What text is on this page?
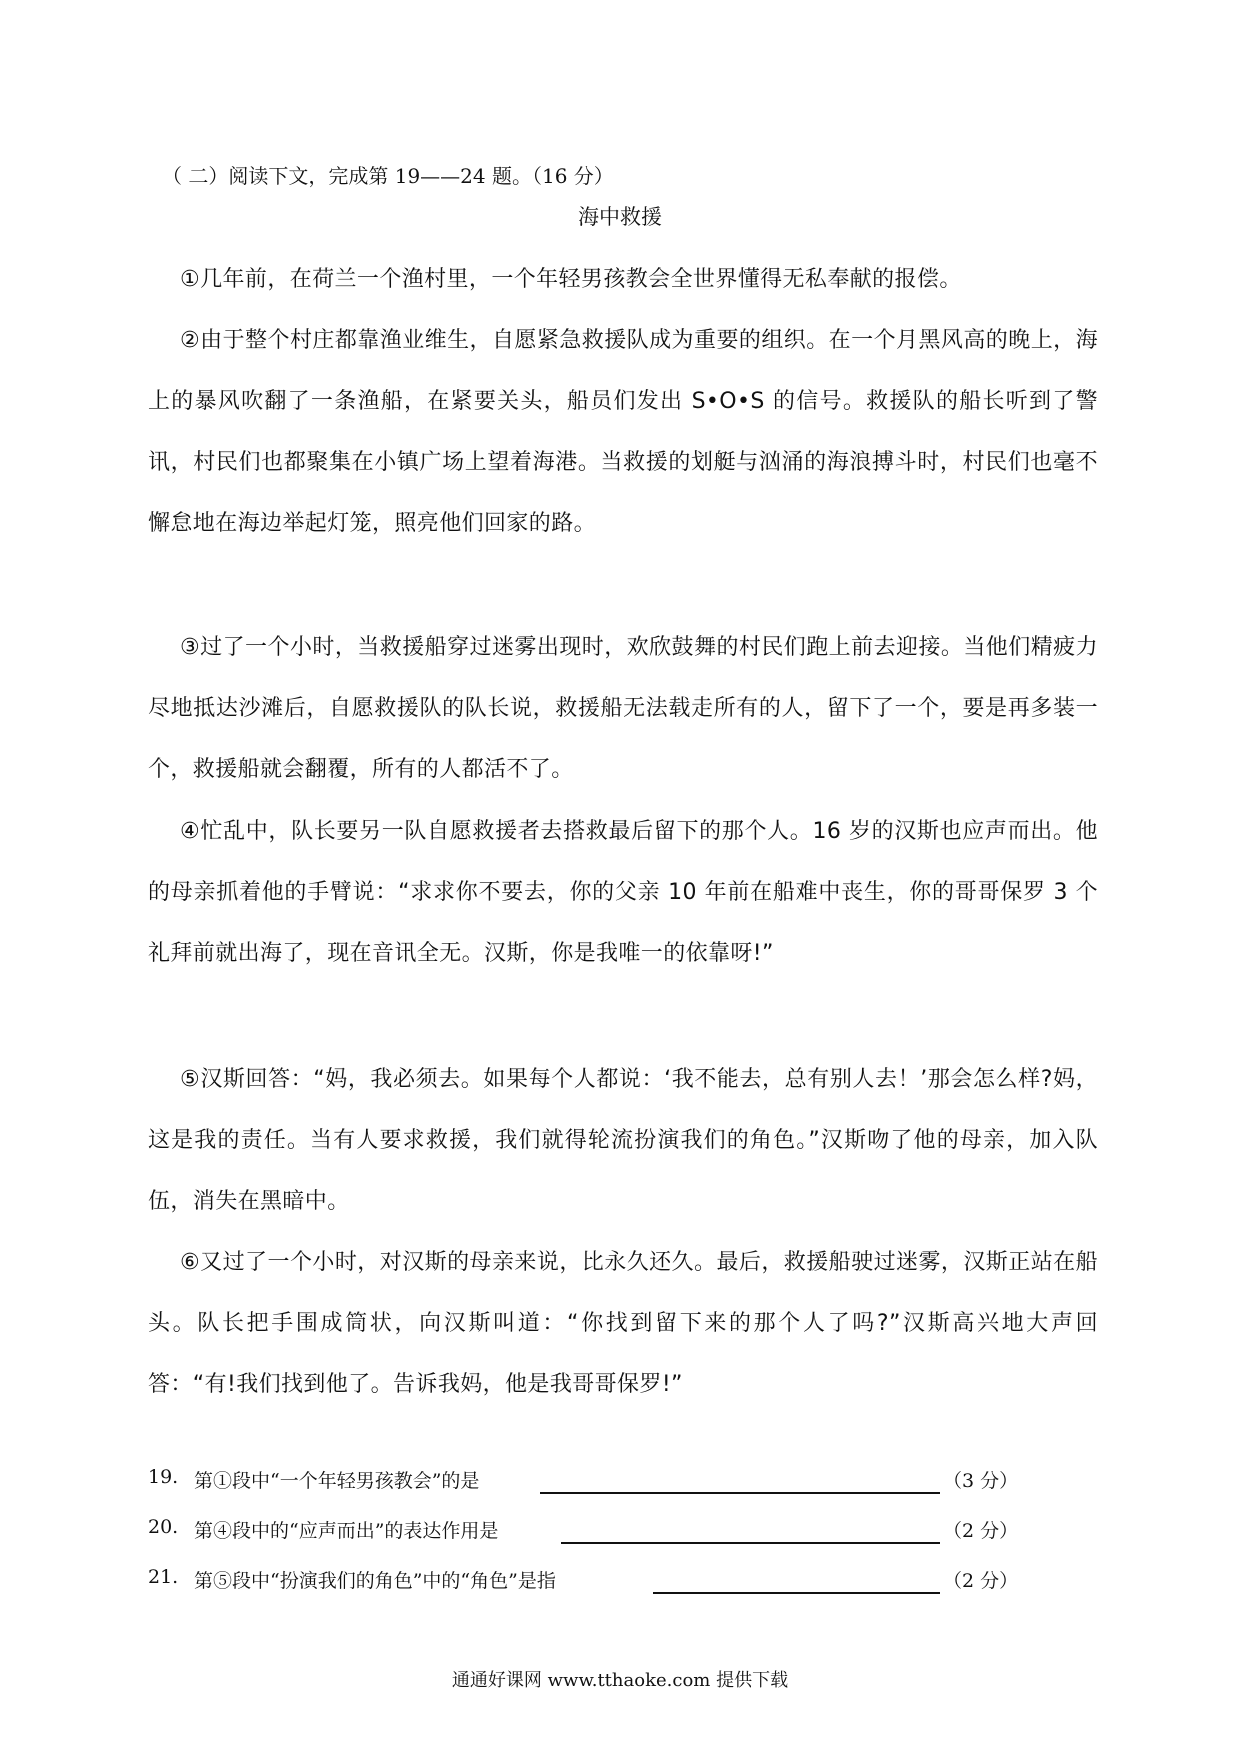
（ 二）阅读下文，完成第 19——24 题。（16 分）
海中救援

①几年前，在荷兰一个渔村里，一个年轻男孩教会全世界懂得无私奉献的报偿。

②由于整个村庄都靠渔业维生，自愿紧急救援队成为重要的组织。在一个月黑风高的晚上，海上的暴风吹翻了一条渔船，在紧要关头，船员们发出 S•O•S 的信号。救援队的船长听到了警讯，村民们也都聚集在小镇广场上望着海港。当救援的划艇与汹涌的海浪搏斗时，村民们也毫不懈怠地在海边举起灯笼，照亮他们回家的路。

③过了一个小时，当救援船穿过迷雾出现时，欢欣鼓舞的村民们跑上前去迎接。当他们精疲力尽地抵达沙滩后，自愿救援队的队长说，救援船无法载走所有的人，留下了一个，要是再多装一个，救援船就会翻覆，所有的人都活不了。

④忙乱中，队长要另一队自愿救援者去搭救最后留下的那个人。16 岁的汉斯也应声而出。他的母亲抓着他的手臂说：“求求你不要去，你的父亲 10 年前在船难中丧生，你的哥哥保罗 3 个礼拜前就出海了，现在音讯全无。汉斯，你是我唯一的依靠呀!”

⑤汉斯回答：“妈，我必须去。如果每个人都说：‘我不能去，总有别人去！’那会怎么样?妈，这是我的责任。当有人要求救援，我们就得轮流扮演我们的角色。”汉斯吻了他的母亲，加入队伍，消失在黑暗中。

⑥又过了一个小时，对汉斯的母亲来说，比永久还久。最后，救援船驶过迷雾，汉斯正站在船头。队长把手围成筒状，向汉斯叫道：“你找到留下来的那个人了吗?”汉斯高兴地大声回答：“有!我们找到他了。告诉我妈，他是我哥哥保罗!”

19. 第①段中“一个年轻男孩教会”的是	（3 分）
20. 第④段中的“应声而出”的表达作用是	（2 分）
21. 第⑤段中“扮演我们的角色”中的“角色”是指	（2 分）
通通好课网 www.tthaoke.com 提供下载
